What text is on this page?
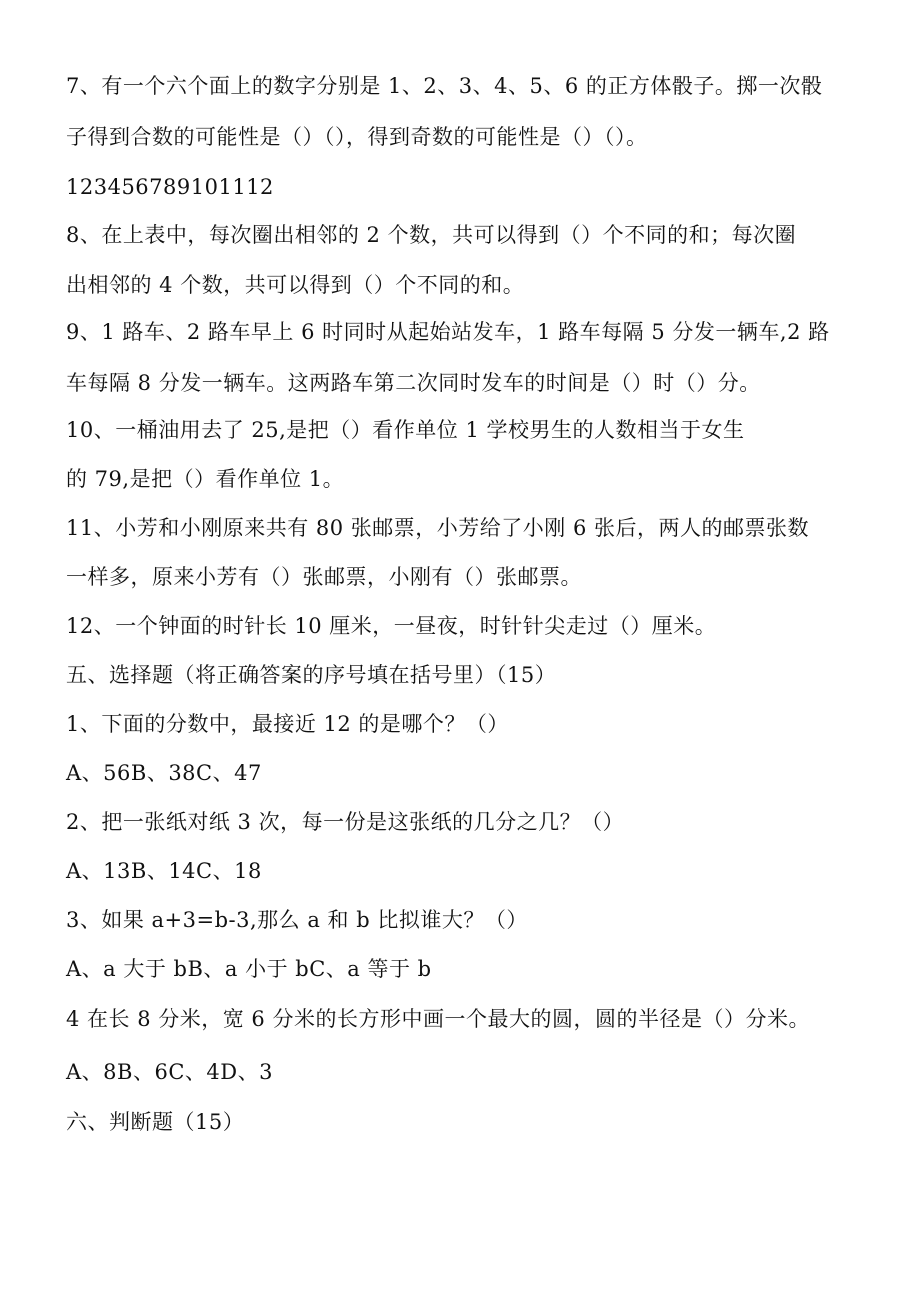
7、有一个六个面上的数字分别是 1、2、3、4、5、6 的正方体骰子。掷一次骰
子得到合数的可能性是（）（），得到奇数的可能性是（）（）。
123456789101112
8、在上表中，每次圈出相邻的 2 个数，共可以得到（）个不同的和；每次圈
出相邻的 4 个数，共可以得到（）个不同的和。
9、1 路车、2 路车早上 6 时同时从起始站发车，1 路车每隔 5 分发一辆车,2 路
车每隔 8 分发一辆车。这两路车第二次同时发车的时间是（）时（）分。
10、一桶油用去了 25,是把（）看作单位 1 学校男生的人数相当于女生
的 79,是把（）看作单位 1。
11、小芳和小刚原来共有 80 张邮票，小芳给了小刚 6 张后，两人的邮票张数
一样多，原来小芳有（）张邮票，小刚有（）张邮票。
12、一个钟面的时针长 10 厘米，一昼夜，时针针尖走过（）厘米。
五、选择题（将正确答案的序号填在括号里）（15）
1、下面的分数中，最接近 12 的是哪个？（）
A、56B、38C、47
2、把一张纸对纸 3 次，每一份是这张纸的几分之几？（）
A、13B、14C、18
3、如果 a+3=b-3,那么 a 和 b 比拟谁大？（）
A、a 大于 bB、a 小于 bC、a 等于 b
4 在长 8 分米，宽 6 分米的长方形中画一个最大的圆，圆的半径是（）分米。
A、8B、6C、4D、3
六、判断题（15）
